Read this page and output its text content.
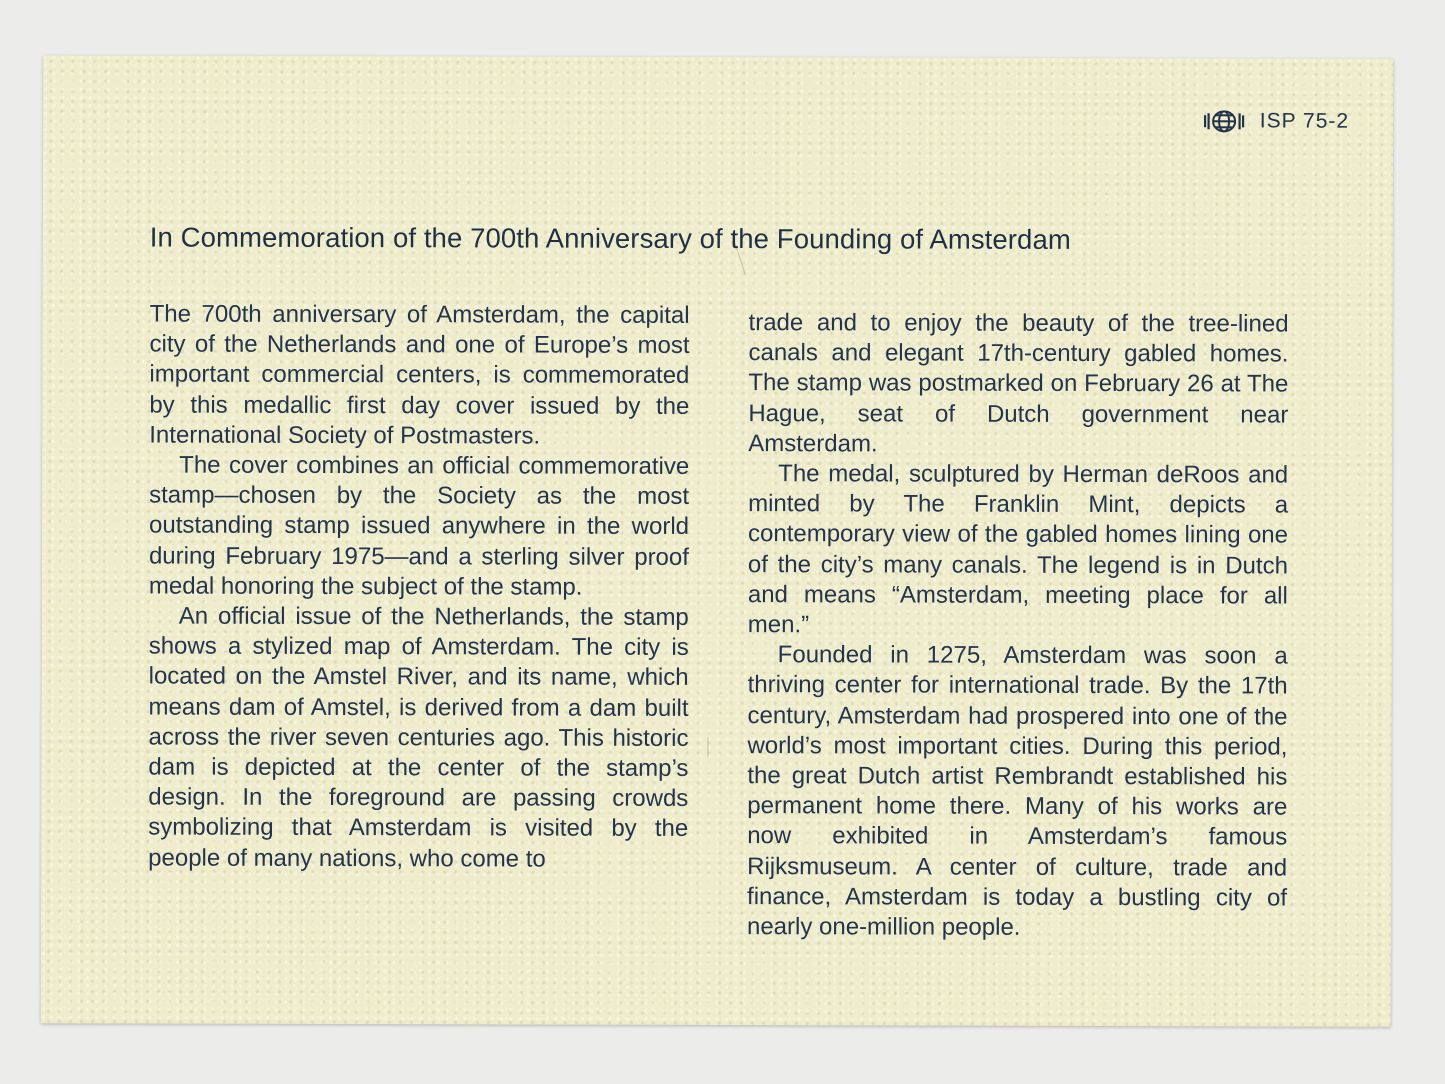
ISP 75-2
In Commemoration of the 700th Anniversary of the Founding of Amsterdam

The 700th anniversary of Amsterdam, the capital city of the Netherlands and one of Europe’s most important commercial centers, is commemorated by this medallic first day cover issued by the International Society of Postmasters.

The cover combines an official commemorative stamp—chosen by the Society as the most outstanding stamp issued anywhere in the world during February 1975—and a sterling silver proof medal honoring the subject of the stamp.

An official issue of the Netherlands, the stamp shows a stylized map of Amsterdam. The city is located on the Amstel River, and its name, which means dam of Amstel, is derived from a dam built across the river seven centuries ago. This historic dam is depicted at the center of the stamp’s design. In the foreground are passing crowds symbolizing that Amsterdam is visited by the people of many nations, who come to

trade and to enjoy the beauty of the tree-lined canals and elegant 17th-century gabled homes. The stamp was postmarked on February 26 at The Hague, seat of Dutch government near Amsterdam.

The medal, sculptured by Herman deRoos and minted by The Franklin Mint, depicts a contemporary view of the gabled homes lining one of the city’s many canals. The legend is in Dutch and means “Amsterdam, meeting place for all men.”

Founded in 1275, Amsterdam was soon a thriving center for international trade. By the 17th century, Amsterdam had prospered into one of the world’s most important cities. During this period, the great Dutch artist Rembrandt established his permanent home there. Many of his works are now exhibited in Amsterdam’s famous Rijksmuseum. A center of culture, trade and finance, Amsterdam is today a bustling city of nearly one-million people.
